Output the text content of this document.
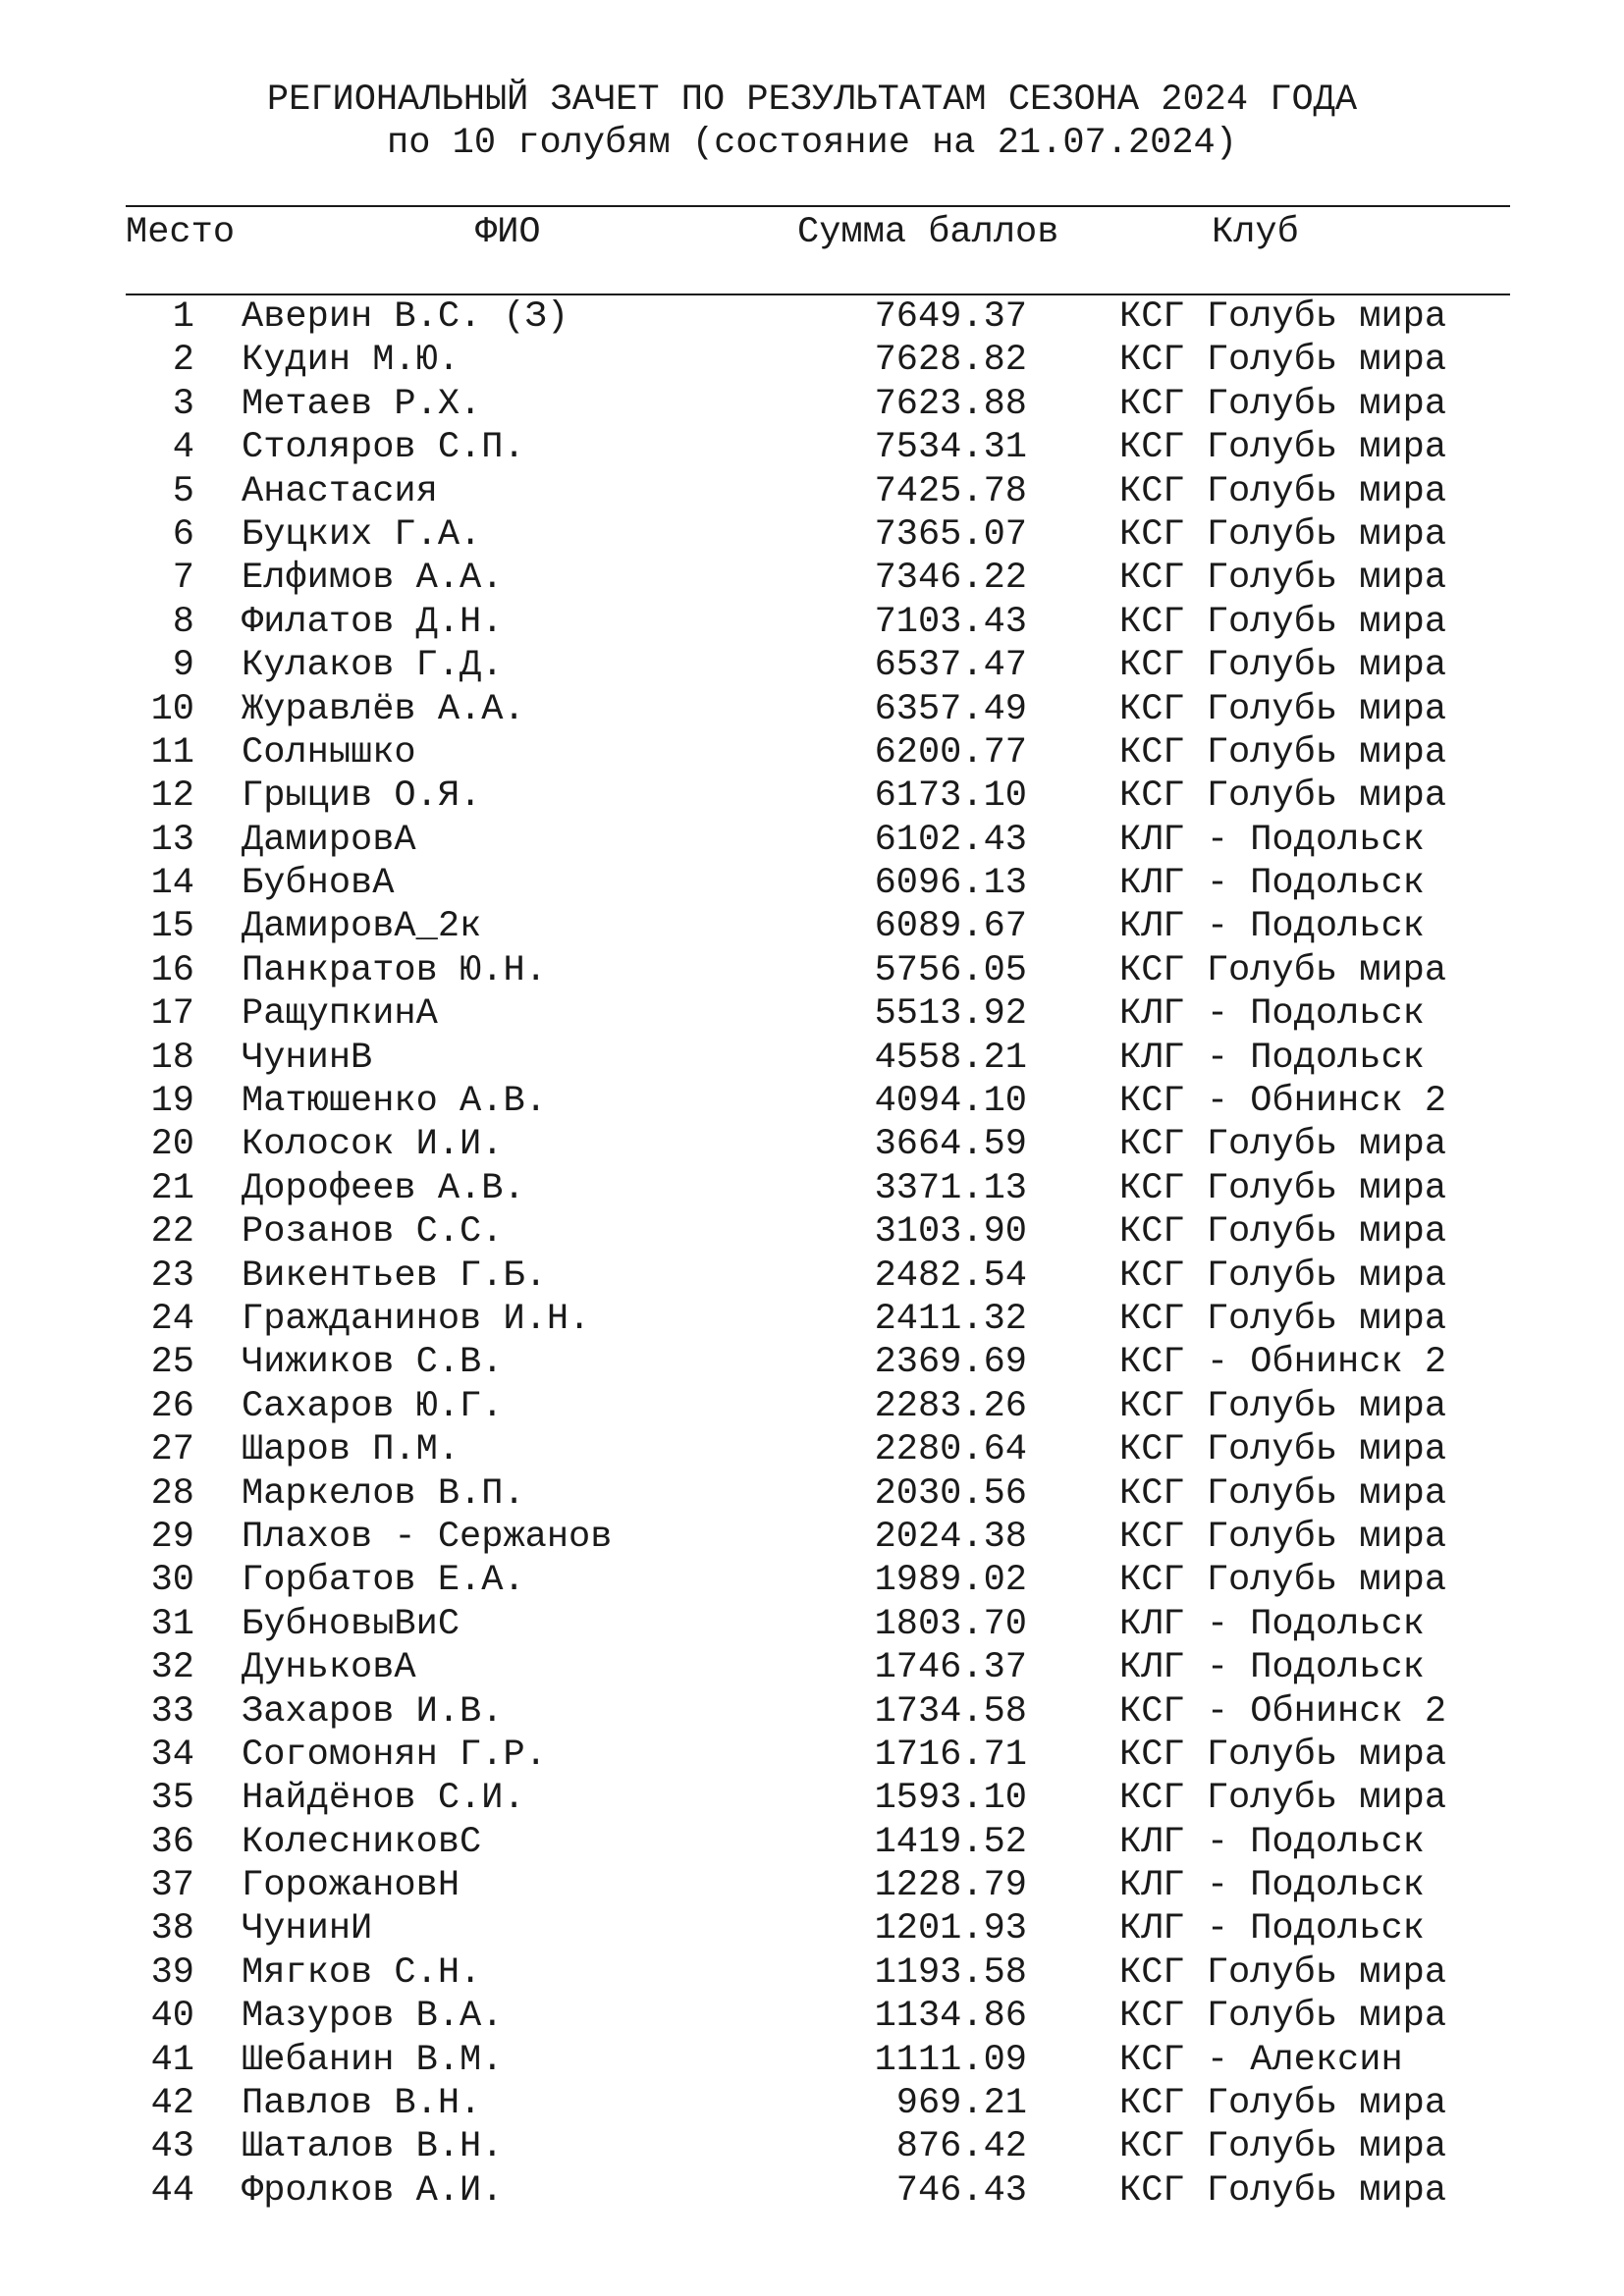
РЕГИОНАЛЬНЫЙ ЗАЧЕТ ПО РЕЗУЛЬТАТАМ СЕЗОНА 2024 ГОДА
по 10 голубям (состояние на 21.07.2024)
Место	ФИО	Сумма баллов	Клуб
1 Аверин В.С. (З)	7649.37	КСГ Голубь мира
2 Кудин М.Ю.	7628.82	КСГ Голубь мира
3 Метаев Р.Х.	7623.88	КСГ Голубь мира
4 Столяров С.П.	7534.31	КСГ Голубь мира
5 Анастасия	7425.78	КСГ Голубь мира
6 Буцких Г.А.	7365.07	КСГ Голубь мира
7 Елфимов А.А.	7346.22	КСГ Голубь мира
8 Филатов Д.Н.	7103.43	КСГ Голубь мира
9 Кулаков Г.Д.	6537.47	КСГ Голубь мира
10 Журавлёв А.А.	6357.49	КСГ Голубь мира
11 Солнышко	6200.77	КСГ Голубь мира
12 Грыцив О.Я.	6173.10	КСГ Голубь мира
13 ДамировА	6102.43	КЛГ - Подольск
14 БубновА	6096.13	КЛГ - Подольск
15 ДамировА_2к	6089.67	КЛГ - Подольск
16 Панкратов Ю.Н.	5756.05	КСГ Голубь мира
17 РащупкинА	5513.92	КЛГ - Подольск
18 ЧунинВ	4558.21	КЛГ - Подольск
19 Матюшенко А.В.	4094.10	КСГ - Обнинск 2
20 Колосок И.И.	3664.59	КСГ Голубь мира
21 Дорофеев А.В.	3371.13	КСГ Голубь мира
22 Розанов С.С.	3103.90	КСГ Голубь мира
23 Викентьев Г.Б.	2482.54	КСГ Голубь мира
24 Гражданинов И.Н.	2411.32	КСГ Голубь мира
25 Чижиков С.В.	2369.69	КСГ - Обнинск 2
26 Сахаров Ю.Г.	2283.26	КСГ Голубь мира
27 Шаров П.М.	2280.64	КСГ Голубь мира
28 Маркелов В.П.	2030.56	КСГ Голубь мира
29 Плахов - Сержанов	2024.38	КСГ Голубь мира
30 Горбатов Е.А.	1989.02	КСГ Голубь мира
31 БубновыВиС	1803.70	КЛГ - Подольск
32 ДуньковА	1746.37	КЛГ - Подольск
33 Захаров И.В.	1734.58	КСГ - Обнинск 2
34 Согомонян Г.Р.	1716.71	КСГ Голубь мира
35 Найдёнов С.И.	1593.10	КСГ Голубь мира
36 КолесниковС	1419.52	КЛГ - Подольск
37 ГорожановН	1228.79	КЛГ - Подольск
38 ЧунинИ	1201.93	КЛГ - Подольск
39 Мягков С.Н.	1193.58	КСГ Голубь мира
40 Мазуров В.А.	1134.86	КСГ Голубь мира
41 Шебанин В.М.	1111.09	КСГ - Алексин
42 Павлов В.Н.	969.21	КСГ Голубь мира
43 Шаталов В.Н.	876.42	КСГ Голубь мира
44 Фролков А.И.	746.43	КСГ Голубь мира
